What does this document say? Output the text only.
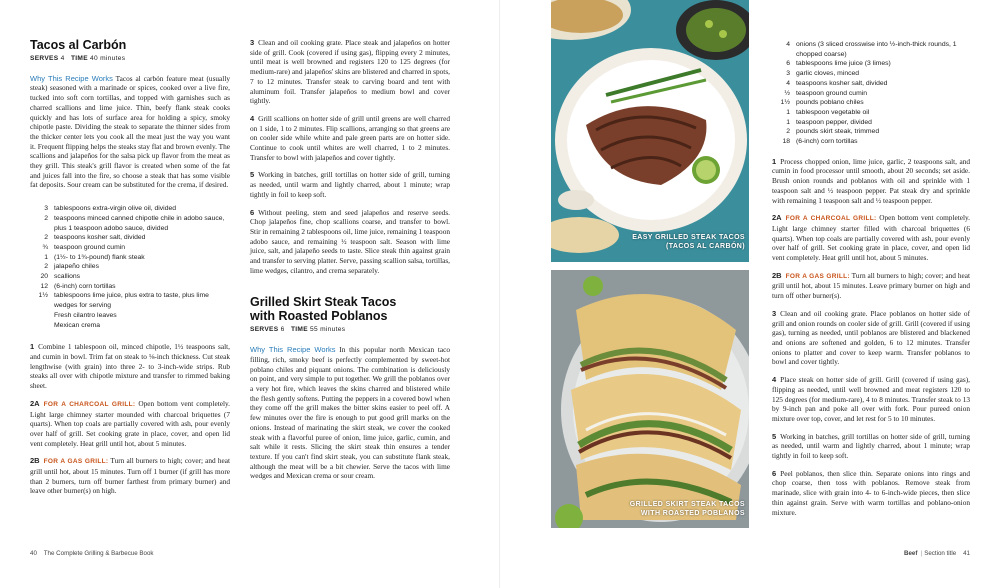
Tacos al Carbón
SERVES 4 TIME 40 minutes

Why This Recipe Works Tacos al carbón feature meat (usually steak) seasoned with a marinade or spices, cooked over a live fire, tucked into soft corn tortillas, and topped with garnishes such as charred scallions and lime juice. Thin, beefy flank steak cooks quickly and has lots of surface area for holding a spicy, smoky chipotle paste. Dividing the steak to separate the thinner sides from the thicker center lets you cook all the meat just the way you want it. Frequent flipping helps the steaks stay flat and brown evenly. The scallions and jalapeños for the salsa pick up flavor from the meat as they grill. This steak's grill flavor is created when some of the fat and juices fall into the fire, so choose a steak that has some visible fat deposits. Sour cream can be substituted for the crema, if desired.

3 tablespoons extra-virgin olive oil, divided
2 teaspoons minced canned chipotle chile in adobo sauce, plus 1 teaspoon adobo sauce, divided
2 teaspoons kosher salt, divided
¾ teaspoon ground cumin
1 (1½- to 1¾-pound) flank steak
2 jalapeño chiles
20 scallions
12 (6-inch) corn tortillas
1½ tablespoons lime juice, plus extra to taste, plus lime wedges for serving
Fresh cilantro leaves
Mexican crema

1 Combine 1 tablespoon oil, minced chipotle, 1½ teaspoons salt, and cumin in bowl. Trim fat on steak to ⅛-inch thickness. Cut steak lengthwise (with grain) into three 2- to 3-inch-wide strips. Rub steaks all over with chipotle mixture and transfer to rimmed baking sheet.

2A FOR A CHARCOAL GRILL: Open bottom vent completely. Light large chimney starter mounded with charcoal briquettes (7 quarts). When top coals are partially covered with ash, pour evenly over half of grill. Set cooking grate in place, cover, and open lid vent completely. Heat grill until hot, about 5 minutes.

2B FOR A GAS GRILL: Turn all burners to high; cover; and heat grill until hot, about 15 minutes. Turn off 1 burner (if grill has more than 2 burners, turn off burner farthest from primary burner) and leave other burner(s) on high.

3 Clean and oil cooking grate. Place steak and jalapeños on hotter side of grill. Cook (covered if using gas), flipping every 2 minutes, until meat is well browned and registers 120 to 125 degrees (for medium-rare) and jalapeños' skins are blistered and charred in spots, 7 to 12 minutes. Transfer steak to carving board and tent with aluminum foil. Transfer jalapeños to medium bowl and cover tightly.

4 Grill scallions on hotter side of grill until greens are well charred on 1 side, 1 to 2 minutes. Flip scallions, arranging so that greens are on cooler side while white and pale green parts are on hotter side. Continue to cook until whites are well charred, 1 to 2 minutes. Transfer to bowl with jalapeños and cover tightly.

5 Working in batches, grill tortillas on hotter side of grill, turning as needed, until warm and lightly charred, about 1 minute; wrap tightly in foil to keep soft.

6 Without peeling, stem and seed jalapeños and reserve seeds. Chop jalapeños fine, chop scallions coarse, and transfer to bowl. Stir in remaining 2 tablespoons oil, lime juice, remaining 1 teaspoon adobo sauce, and remaining ½ teaspoon salt. Season with lime juice, salt, and jalapeño seeds to taste. Slice steak thin against grain and transfer to serving platter. Serve, passing scallion salsa, tortillas, lime wedges, cilantro, and crema separately.

Grilled Skirt Steak Tacos
with Roasted Poblanos
SERVES 6 TIME 55 minutes

Why This Recipe Works In this popular north Mexican taco filling, rich, smoky beef is perfectly complemented by sweet-hot poblano chiles and piquant onions. The combination is deliciously on point, and very simple to put together. We grill the poblanos over a very hot fire, which leaves the skins charred and blistered while the flesh gently softens. Putting the peppers in a covered bowl when they come off the grill makes the bitter skins easier to peel off. A few minutes over the fire is enough to put good grill marks on the onions. Instead of marinating the skirt steak, we cover the cooked steak with a flavorful puree of onion, lime juice, garlic, cumin, and salt while it rests. Slicing the skirt steak thin ensures a tender texture. If you can't find skirt steak, you can substitute flank steak, although the meat will be a bit chewier. Serve the tacos with lime wedges and Mexican crema or sour cream.

40 The Complete Grilling & Barbecue Book
EASY GRILLED STEAK TACOS
(TACOS AL CARBÓN)
GRILLED SKIRT STEAK TACOS
WITH ROASTED POBLANOS
4 onions (3 sliced crosswise into ½-inch-thick rounds, 1 chopped coarse)
6 tablespoons lime juice (3 limes)
3 garlic cloves, minced
4 teaspoons kosher salt, divided
½ teaspoon ground cumin
1½ pounds poblano chiles
1 tablespoon vegetable oil
1 teaspoon pepper, divided
2 pounds skirt steak, trimmed
18 (6-inch) corn tortillas

1 Process chopped onion, lime juice, garlic, 2 teaspoons salt, and cumin in food processor until smooth, about 20 seconds; set aside. Brush onion rounds and poblanos with oil and sprinkle with 1 teaspoon salt and ½ teaspoon pepper. Pat steak dry and sprinkle with remaining 1 teaspoon salt and ½ teaspoon pepper.

2A FOR A CHARCOAL GRILL: Open bottom vent completely. Light large chimney starter filled with charcoal briquettes (6 quarts). When top coals are partially covered with ash, pour evenly over half of grill. Set cooking grate in place, cover, and open lid vent completely. Heat grill until hot, about 5 minutes.

2B FOR A GAS GRILL: Turn all burners to high; cover; and heat grill until hot, about 15 minutes. Leave primary burner on high and turn off other burner(s).

3 Clean and oil cooking grate. Place poblanos on hotter side of grill and onion rounds on cooler side of grill. Grill (covered if using gas), turning as needed, until poblanos are blistered and blackened and onions are softened and golden, 6 to 12 minutes. Transfer onions to platter and cover to keep warm. Transfer poblanos to bowl and cover tightly.

4 Place steak on hotter side of grill. Grill (covered if using gas), flipping as needed, until well browned and meat registers 120 to 125 degrees (for medium-rare), 4 to 8 minutes. Transfer steak to 13 by 9-inch pan and poke all over with fork. Pour pureed onion mixture over top, cover, and let rest for 5 to 10 minutes.

5 Working in batches, grill tortillas on hotter side of grill, turning as needed, until warm and lightly charred, about 1 minute; wrap tightly in foil to keep soft.

6 Peel poblanos, then slice thin. Separate onions into rings and chop coarse, then toss with poblanos. Remove steak from marinade, slice with grain into 4- to 6-inch-wide pieces, then slice thin against grain. Serve with warm tortillas and poblano-onion mixture.

Beef | Section title 41
